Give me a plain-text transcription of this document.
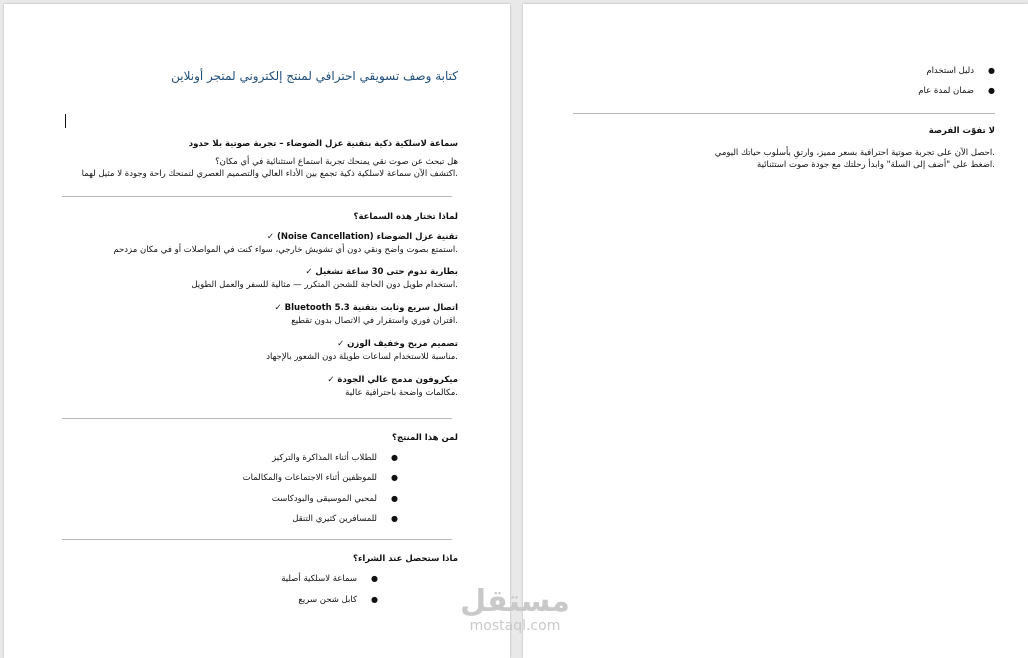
كتابة وصف تسويقي احترافي لمنتج إلكتروني لمتجر أونلاين
سماعة لاسلكية ذكية بتقنية عزل الضوضاء – تجربة صوتية بلا حدود
هل تبحث عن صوت نقي يمنحك تجربة استماع استثنائية في أي مكان؟
.اكتشف الآن سماعة لاسلكية ذكية تجمع بين الأداء العالي والتصميم العصري لتمنحك راحة وجودة لا مثيل لهما
لماذا تختار هذه السماعة؟
تقنية عزل الضوضاء (Noise Cancellation) ✓
.استمتع بصوت واضح ونقي دون أي تشويش خارجي، سواء كنت في المواصلات أو في مكان مزدحم
بطارية تدوم حتى 30 ساعة تشغيل ✓
.استخدام طويل دون الحاجة للشحن المتكرر — مثالية للسفر والعمل الطويل
اتصال سريع وثابت بتقنية Bluetooth 5.3 ✓
.اقتران فوري واستقرار في الاتصال بدون تقطيع
تصميم مريح وخفيف الوزن ✓
.مناسبة للاستخدام لساعات طويلة دون الشعور بالإجهاد
ميكروفون مدمج عالي الجودة ✓
.مكالمات واضحة باحترافية عالية
لمن هذا المنتج؟
●للطلاب أثناء المذاكرة والتركيز
●للموظفين أثناء الاجتماعات والمكالمات
●لمحبي الموسيقى والبودكاست
●للمسافرين كثيري التنقل
ماذا ستحصل عند الشراء؟
●سماعة لاسلكية أصلية
●كابل شحن سريع
●دليل استخدام
●ضمان لمدة عام
لا تفوّت الفرصة
.احصل الآن على تجربة صوتية احترافية بسعر مميز، وارتقِ بأسلوب حياتك اليومي
.اضغط على "أضف إلى السلة" وابدأ رحلتك مع جودة صوت استثنائية
مستقل
mostaql.com
